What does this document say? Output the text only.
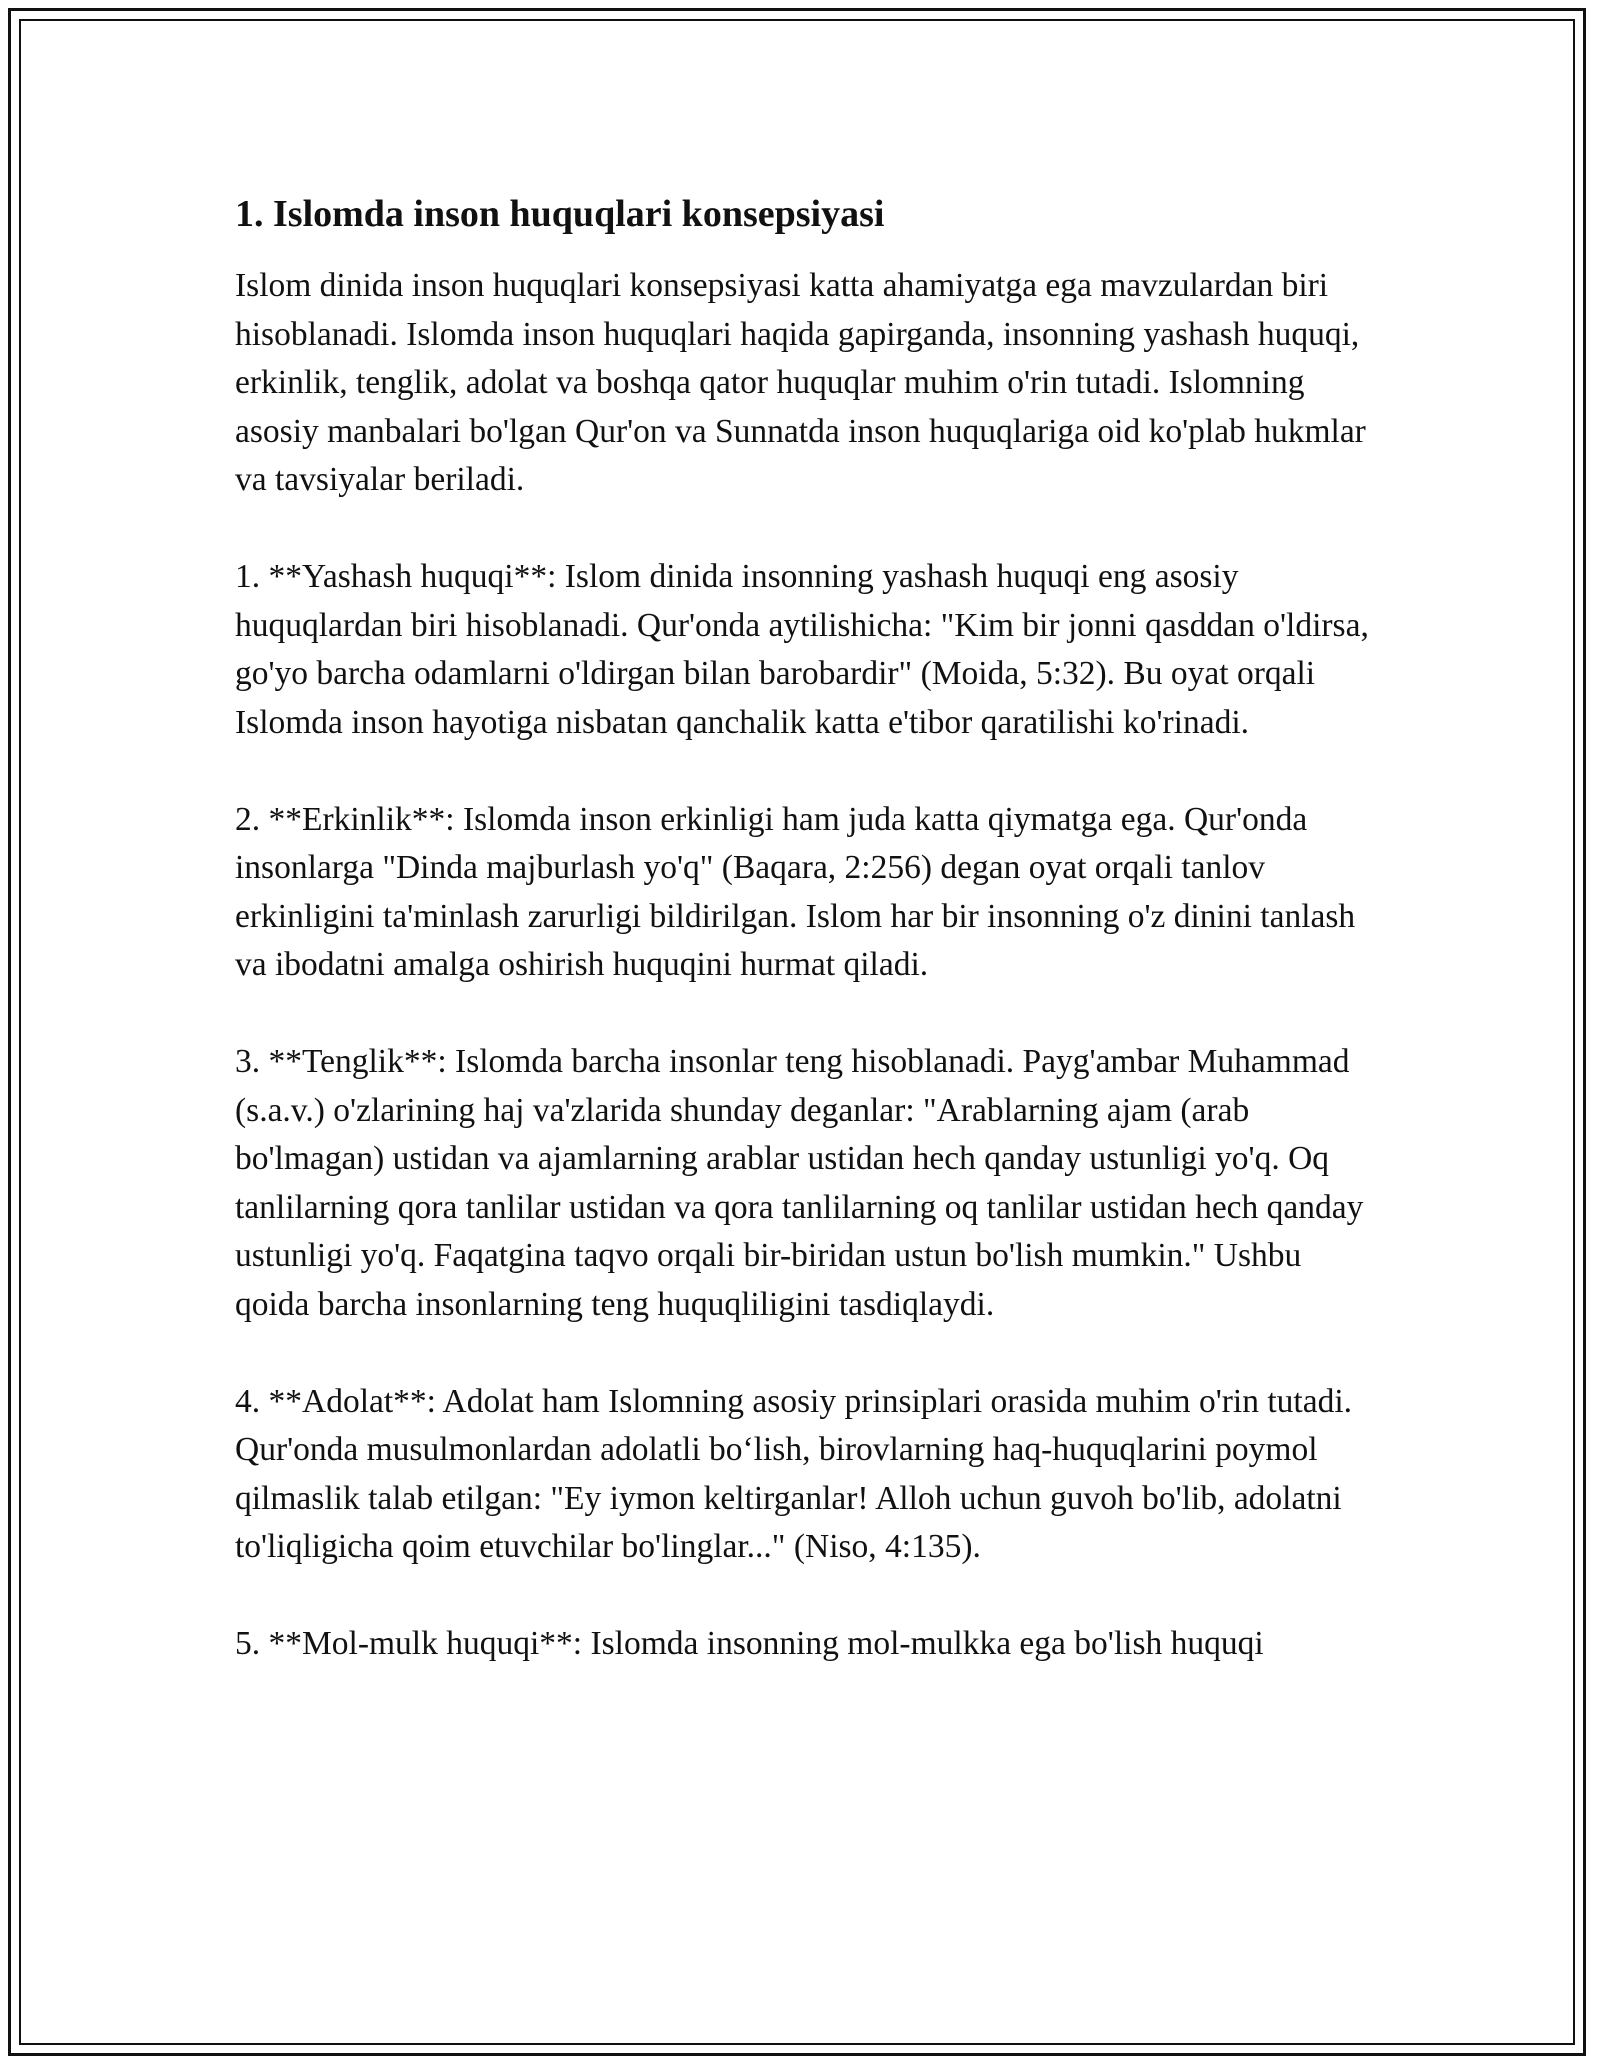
1. Islomda inson huquqlari konsepsiyasi

Islom dinida inson huquqlari konsepsiyasi katta ahamiyatga ega mavzulardan biri hisoblanadi. Islomda inson huquqlari haqida gapirganda, insonning yashash huquqi, erkinlik, tenglik, adolat va boshqa qator huquqlar muhim o'rin tutadi. Islomning asosiy manbalari bo'lgan Qur'on va Sunnatda inson huquqlariga oid ko'plab hukmlar va tavsiyalar beriladi.

1. **Yashash huquqi**: Islom dinida insonning yashash huquqi eng asosiy huquqlardan biri hisoblanadi. Qur'onda aytilishicha: "Kim bir jonni qasddan o'ldirsa, go'yo barcha odamlarni o'ldirgan bilan barobardir" (Moida, 5:32). Bu oyat orqali Islomda inson hayotiga nisbatan qanchalik katta e'tibor qaratilishi ko'rinadi.

2. **Erkinlik**: Islomda inson erkinligi ham juda katta qiymatga ega. Qur'onda insonlarga "Dinda majburlash yo'q" (Baqara, 2:256) degan oyat orqali tanlov erkinligini ta'minlash zarurligi bildirilgan. Islom har bir insonning o'z dinini tanlash va ibodatni amalga oshirish huquqini hurmat qiladi.

3. **Tenglik**: Islomda barcha insonlar teng hisoblanadi. Payg'ambar Muhammad (s.a.v.) o'zlarining haj va'zlarida shunday deganlar: "Arablarning ajam (arab bo'lmagan) ustidan va ajamlarning arablar ustidan hech qanday ustunligi yo'q. Oq tanlilarning qora tanlilar ustidan va qora tanlilarning oq tanlilar ustidan hech qanday ustunligi yo'q. Faqatgina taqvo orqali bir-biridan ustun bo'lish mumkin." Ushbu qoida barcha insonlarning teng huquqliligini tasdiqlaydi.

4. **Adolat**: Adolat ham Islomning asosiy prinsiplari orasida muhim o'rin tutadi. Qur'onda musulmonlardan adolatli bo‘lish, birovlarning haq-huquqlarini poymol qilmaslik talab etilgan: "Ey iymon keltirganlar! Alloh uchun guvoh bo'lib, adolatni to'liqligicha qoim etuvchilar bo'linglar..." (Niso, 4:135).

5. **Mol-mulk huquqi**: Islomda insonning mol-mulkka ega bo'lish huquqi
